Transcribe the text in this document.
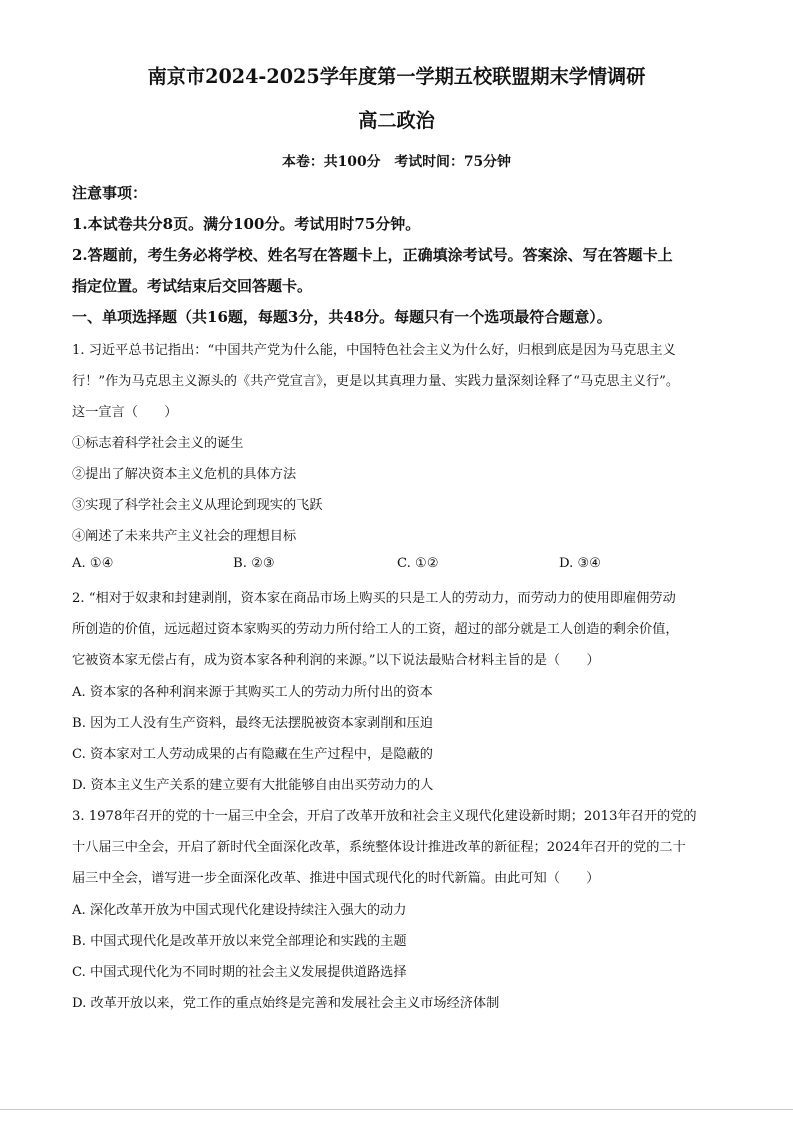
南京市2024-2025学年度第一学期五校联盟期末学情调研
高二政治
本卷：共100分　考试时间：75分钟
注意事项：
1.本试卷共分8页。满分100分。考试用时75分钟。
2.答题前，考生务必将学校、姓名写在答题卡上，正确填涂考试号。答案涂、写在答题卡上
指定位置。考试结束后交回答题卡。
一、单项选择题（共16题，每题3分，共48分。每题只有一个选项最符合题意）。
1. 习近平总书记指出：“中国共产党为什么能，中国特色社会主义为什么好，归根到底是因为马克思主义
行！”作为马克思主义源头的《共产党宣言》，更是以其真理力量、实践力量深刻诠释了“马克思主义行”。
这一宣言（　　）
①标志着科学社会主义的诞生
②提出了解决资本主义危机的具体方法
③实现了科学社会主义从理论到现实的飞跃
④阐述了未来共产主义社会的理想目标
A. ①④	B. ②③	C. ①②	D. ③④
2. “相对于奴隶和封建剥削，资本家在商品市场上购买的只是工人的劳动力，而劳动力的使用即雇佣劳动
所创造的价值，远远超过资本家购买的劳动力所付给工人的工资，超过的部分就是工人创造的剩余价值，
它被资本家无偿占有，成为资本家各种利润的来源。”以下说法最贴合材料主旨的是（　　）
A. 资本家的各种利润来源于其购买工人的劳动力所付出的资本
B. 因为工人没有生产资料，最终无法摆脱被资本家剥削和压迫
C. 资本家对工人劳动成果的占有隐藏在生产过程中，是隐蔽的
D. 资本主义生产关系的建立要有大批能够自由出买劳动力的人
3. 1978年召开的党的十一届三中全会，开启了改革开放和社会主义现代化建设新时期；2013年召开的党的
十八届三中全会，开启了新时代全面深化改革，系统整体设计推进改革的新征程；2024年召开的党的二十
届三中全会，谱写进一步全面深化改革、推进中国式现代化的时代新篇。由此可知（　　）
A. 深化改革开放为中国式现代化建设持续注入强大的动力
B. 中国式现代化是改革开放以来党全部理论和实践的主题
C. 中国式现代化为不同时期的社会主义发展提供道路选择
D. 改革开放以来，党工作的重点始终是完善和发展社会主义市场经济体制
